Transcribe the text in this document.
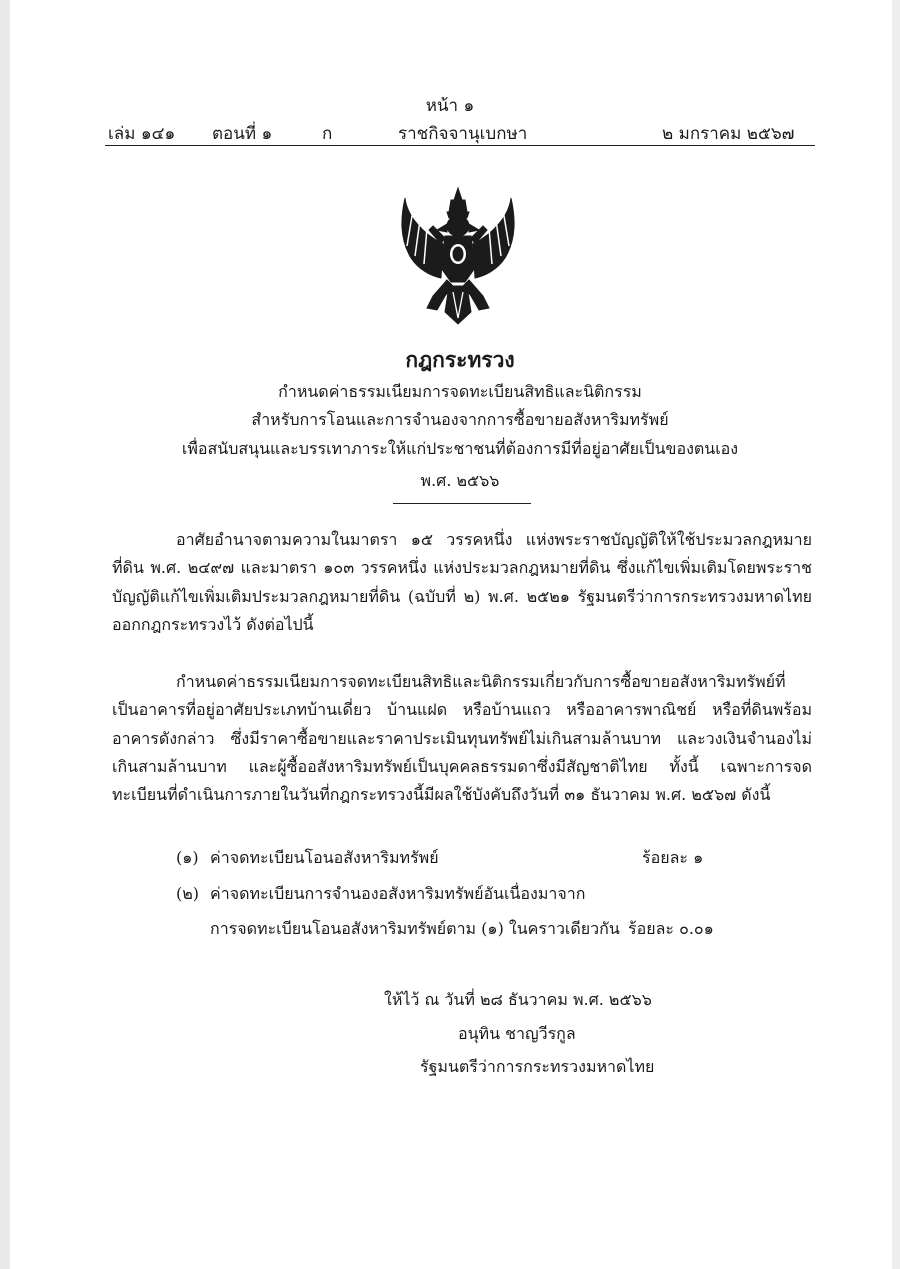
หน้า ๑
เล่ม ๑๔๑ ตอนที่ ๑	ก	ราชกิจจานุเบกษา	๒ มกราคม ๒๕๖๗
กฎกระทรวง
กำหนดค่าธรรมเนียมการจดทะเบียนสิทธิและนิติกรรม
สำหรับการโอนและการจำนองจากการซื้อขายอสังหาริมทรัพย์
เพื่อสนับสนุนและบรรเทาภาระให้แก่ประชาชนที่ต้องการมีที่อยู่อาศัยเป็นของตนเอง
พ.ศ. ๒๕๖๖

อาศัยอำนาจตามความในมาตรา ๑๕ วรรคหนึ่ง แห่งพระราชบัญญัติให้ใช้ประมวลกฎหมายที่ดิน พ.ศ. ๒๔๙๗ และมาตรา ๑๐๓ วรรคหนึ่ง แห่งประมวลกฎหมายที่ดิน ซึ่งแก้ไขเพิ่มเติมโดยพระราชบัญญัติแก้ไขเพิ่มเติมประมวลกฎหมายที่ดิน (ฉบับที่ ๒) พ.ศ. ๒๕๒๑ รัฐมนตรีว่าการกระทรวงมหาดไทยออกกฎกระทรวงไว้ ดังต่อไปนี้

กำหนดค่าธรรมเนียมการจดทะเบียนสิทธิและนิติกรรมเกี่ยวกับการซื้อขายอสังหาริมทรัพย์ที่เป็นอาคารที่อยู่อาศัยประเภทบ้านเดี่ยว บ้านแฝด หรือบ้านแถว หรืออาคารพาณิชย์ หรือที่ดินพร้อมอาคารดังกล่าว ซึ่งมีราคาซื้อขายและราคาประเมินทุนทรัพย์ไม่เกินสามล้านบาท และวงเงินจำนองไม่เกินสามล้านบาท และผู้ซื้ออสังหาริมทรัพย์เป็นบุคคลธรรมดาซึ่งมีสัญชาติไทย ทั้งนี้ เฉพาะการจดทะเบียนที่ดำเนินการภายในวันที่กฎกระทรวงนี้มีผลใช้บังคับถึงวันที่ ๓๑ ธันวาคม พ.ศ. ๒๕๖๗ ดังนี้

(๑) ค่าจดทะเบียนโอนอสังหาริมทรัพย์	ร้อยละ ๑
(๒) ค่าจดทะเบียนการจำนองอสังหาริมทรัพย์อันเนื่องมาจาก
การจดทะเบียนโอนอสังหาริมทรัพย์ตาม (๑) ในคราวเดียวกัน ร้อยละ ๐.๐๑
ให้ไว้ ณ วันที่ ๒๘ ธันวาคม พ.ศ. ๒๕๖๖
อนุทิน ชาญวีรกูล
รัฐมนตรีว่าการกระทรวงมหาดไทย
